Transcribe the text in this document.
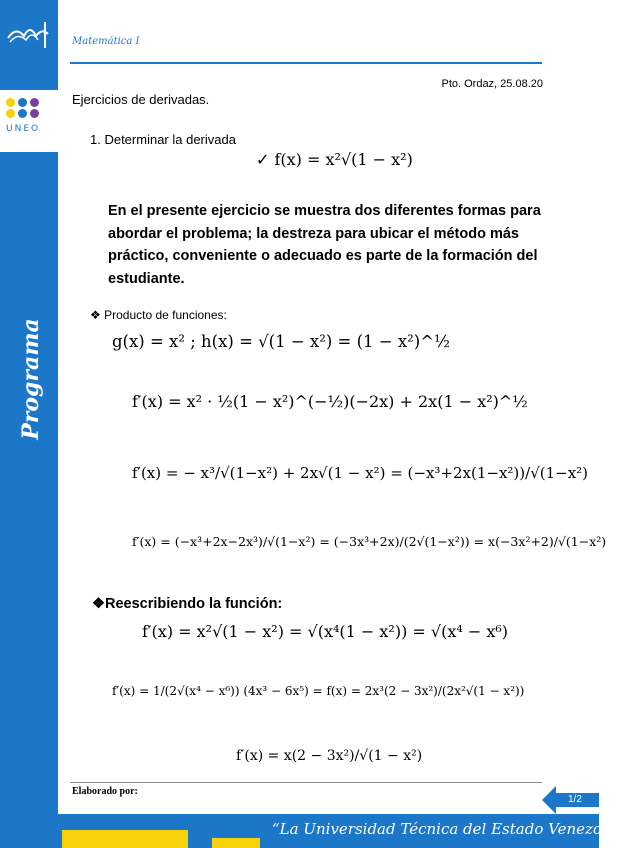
UNEO
Programa
Matemática I
Pto. Ordaz, 25.08.20
Ejercicios de derivadas.
1. Determinar la derivada
✓ f(x) = x²√(1 − x²)
En el presente ejercicio se muestra dos diferentes formas para abordar el problema; la destreza para ubicar el método más práctico, conveniente o adecuado es parte de la formación del estudiante.
❖ Producto de funciones:
g(x) = x² ; h(x) = √(1 − x²) = (1 − x²)^½
f′(x) = x² · ½(1 − x²)^(−½)(−2x) + 2x(1 − x²)^½
f′(x) = − x³/√(1−x²) + 2x√(1 − x²) = (−x³+2x(1−x²))/√(1−x²)
f′(x) = (−x³+2x−2x³)/√(1−x²) = (−3x³+2x)/(2√(1−x²)) = x(−3x²+2)/√(1−x²)
❖Reescribiendo la función:
f′(x) = x²√(1 − x²) = √(x⁴(1 − x²)) = √(x⁴ − x⁶)
f′(x) = 1/(2√(x⁴ − x⁶)) (4x³ − 6x⁵) = f(x) = 2x³(2 − 3x²)/(2x²√(1 − x²))
f′(x) = x(2 − 3x²)/√(1 − x²)
Elaborado por:
1/2
“La Universidad Técnica del Estado Venezolano”
